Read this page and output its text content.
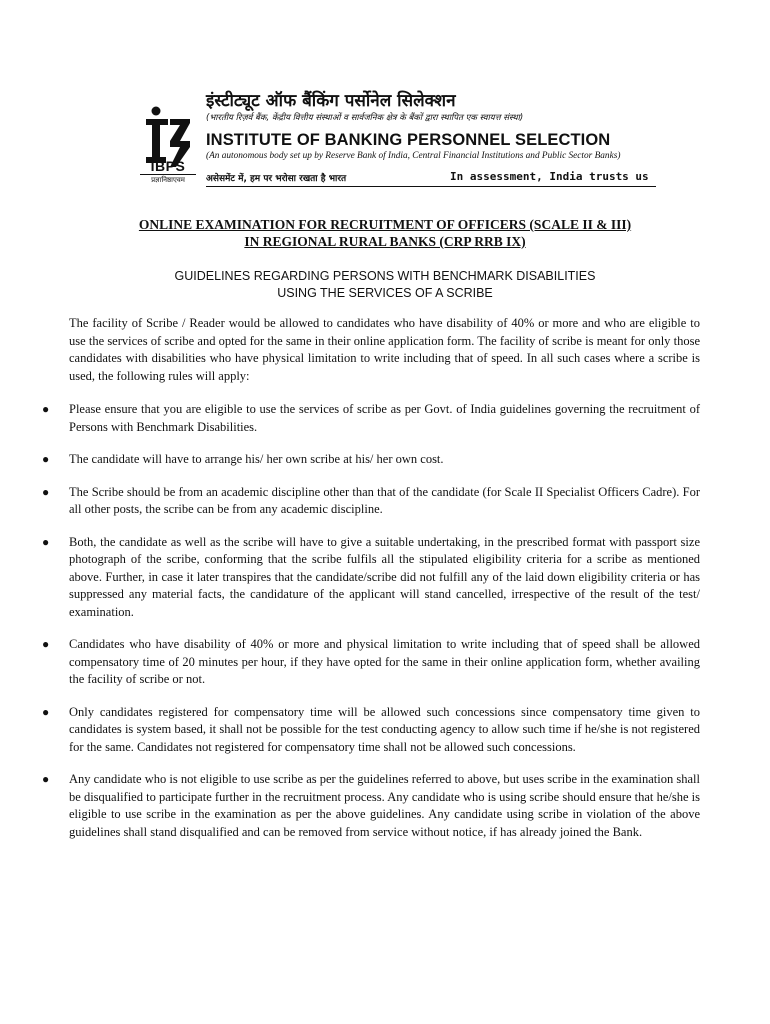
IBPS
प्रज्ञानिष्ठाएवम
इंस्टीट्यूट ऑफ बैंकिंग पर्सोनेल सिलेक्शन
(भारतीय रिज़र्व बैंक, केंद्रीय वित्तीय संस्थाओं व सार्वजनिक क्षेत्र के बैंकों द्वारा स्थापित एक स्वायत्त संस्था)
INSTITUTE OF BANKING PERSONNEL SELECTION
(An autonomous body set up by Reserve Bank of India, Central Financial Institutions and Public Sector Banks)
असेसमेंट में, हम पर भरोसा रखता है भारत	In assessment, India trusts us
ONLINE EXAMINATION FOR RECRUITMENT OF OFFICERS (SCALE II & III)
IN REGIONAL RURAL BANKS (CRP RRB IX)
GUIDELINES REGARDING PERSONS WITH BENCHMARK DISABILITIES
USING THE SERVICES OF A SCRIBE

The facility of Scribe / Reader would be allowed to candidates who have disability of 40% or more and who are eligible to use the services of scribe and opted for the same in their online application form. The facility of scribe is meant for only those candidates with disabilities who have physical limitation to write including that of speed. In all such cases where a scribe is used, the following rules will apply:

● Please ensure that you are eligible to use the services of scribe as per Govt. of India guidelines governing the recruitment of Persons with Benchmark Disabilities.
● The candidate will have to arrange his/ her own scribe at his/ her own cost.
● The Scribe should be from an academic discipline other than that of the candidate (for Scale II Specialist Officers Cadre). For all other posts, the scribe can be from any academic discipline.
● Both, the candidate as well as the scribe will have to give a suitable undertaking, in the prescribed format with passport size photograph of the scribe, conforming that the scribe fulfils all the stipulated eligibility criteria for a scribe as mentioned above. Further, in case it later transpires that the candidate/scribe did not fulfill any of the laid down eligibility criteria or has suppressed any material facts, the candidature of the applicant will stand cancelled, irrespective of the result of the test/ examination.
● Candidates who have disability of 40% or more and physical limitation to write including that of speed shall be allowed compensatory time of 20 minutes per hour, if they have opted for the same in their online application form, whether availing the facility of scribe or not.
● Only candidates registered for compensatory time will be allowed such concessions since compensatory time given to candidates is system based, it shall not be possible for the test conducting agency to allow such time if he/she is not registered for the same. Candidates not registered for compensatory time shall not be allowed such concessions.
● Any candidate who is not eligible to use scribe as per the guidelines referred to above, but uses scribe in the examination shall be disqualified to participate further in the recruitment process. Any candidate who is using scribe should ensure that he/she is eligible to use scribe in the examination as per the above guidelines. Any candidate using scribe in violation of the above guidelines shall stand disqualified and can be removed from service without notice, if has already joined the Bank.
